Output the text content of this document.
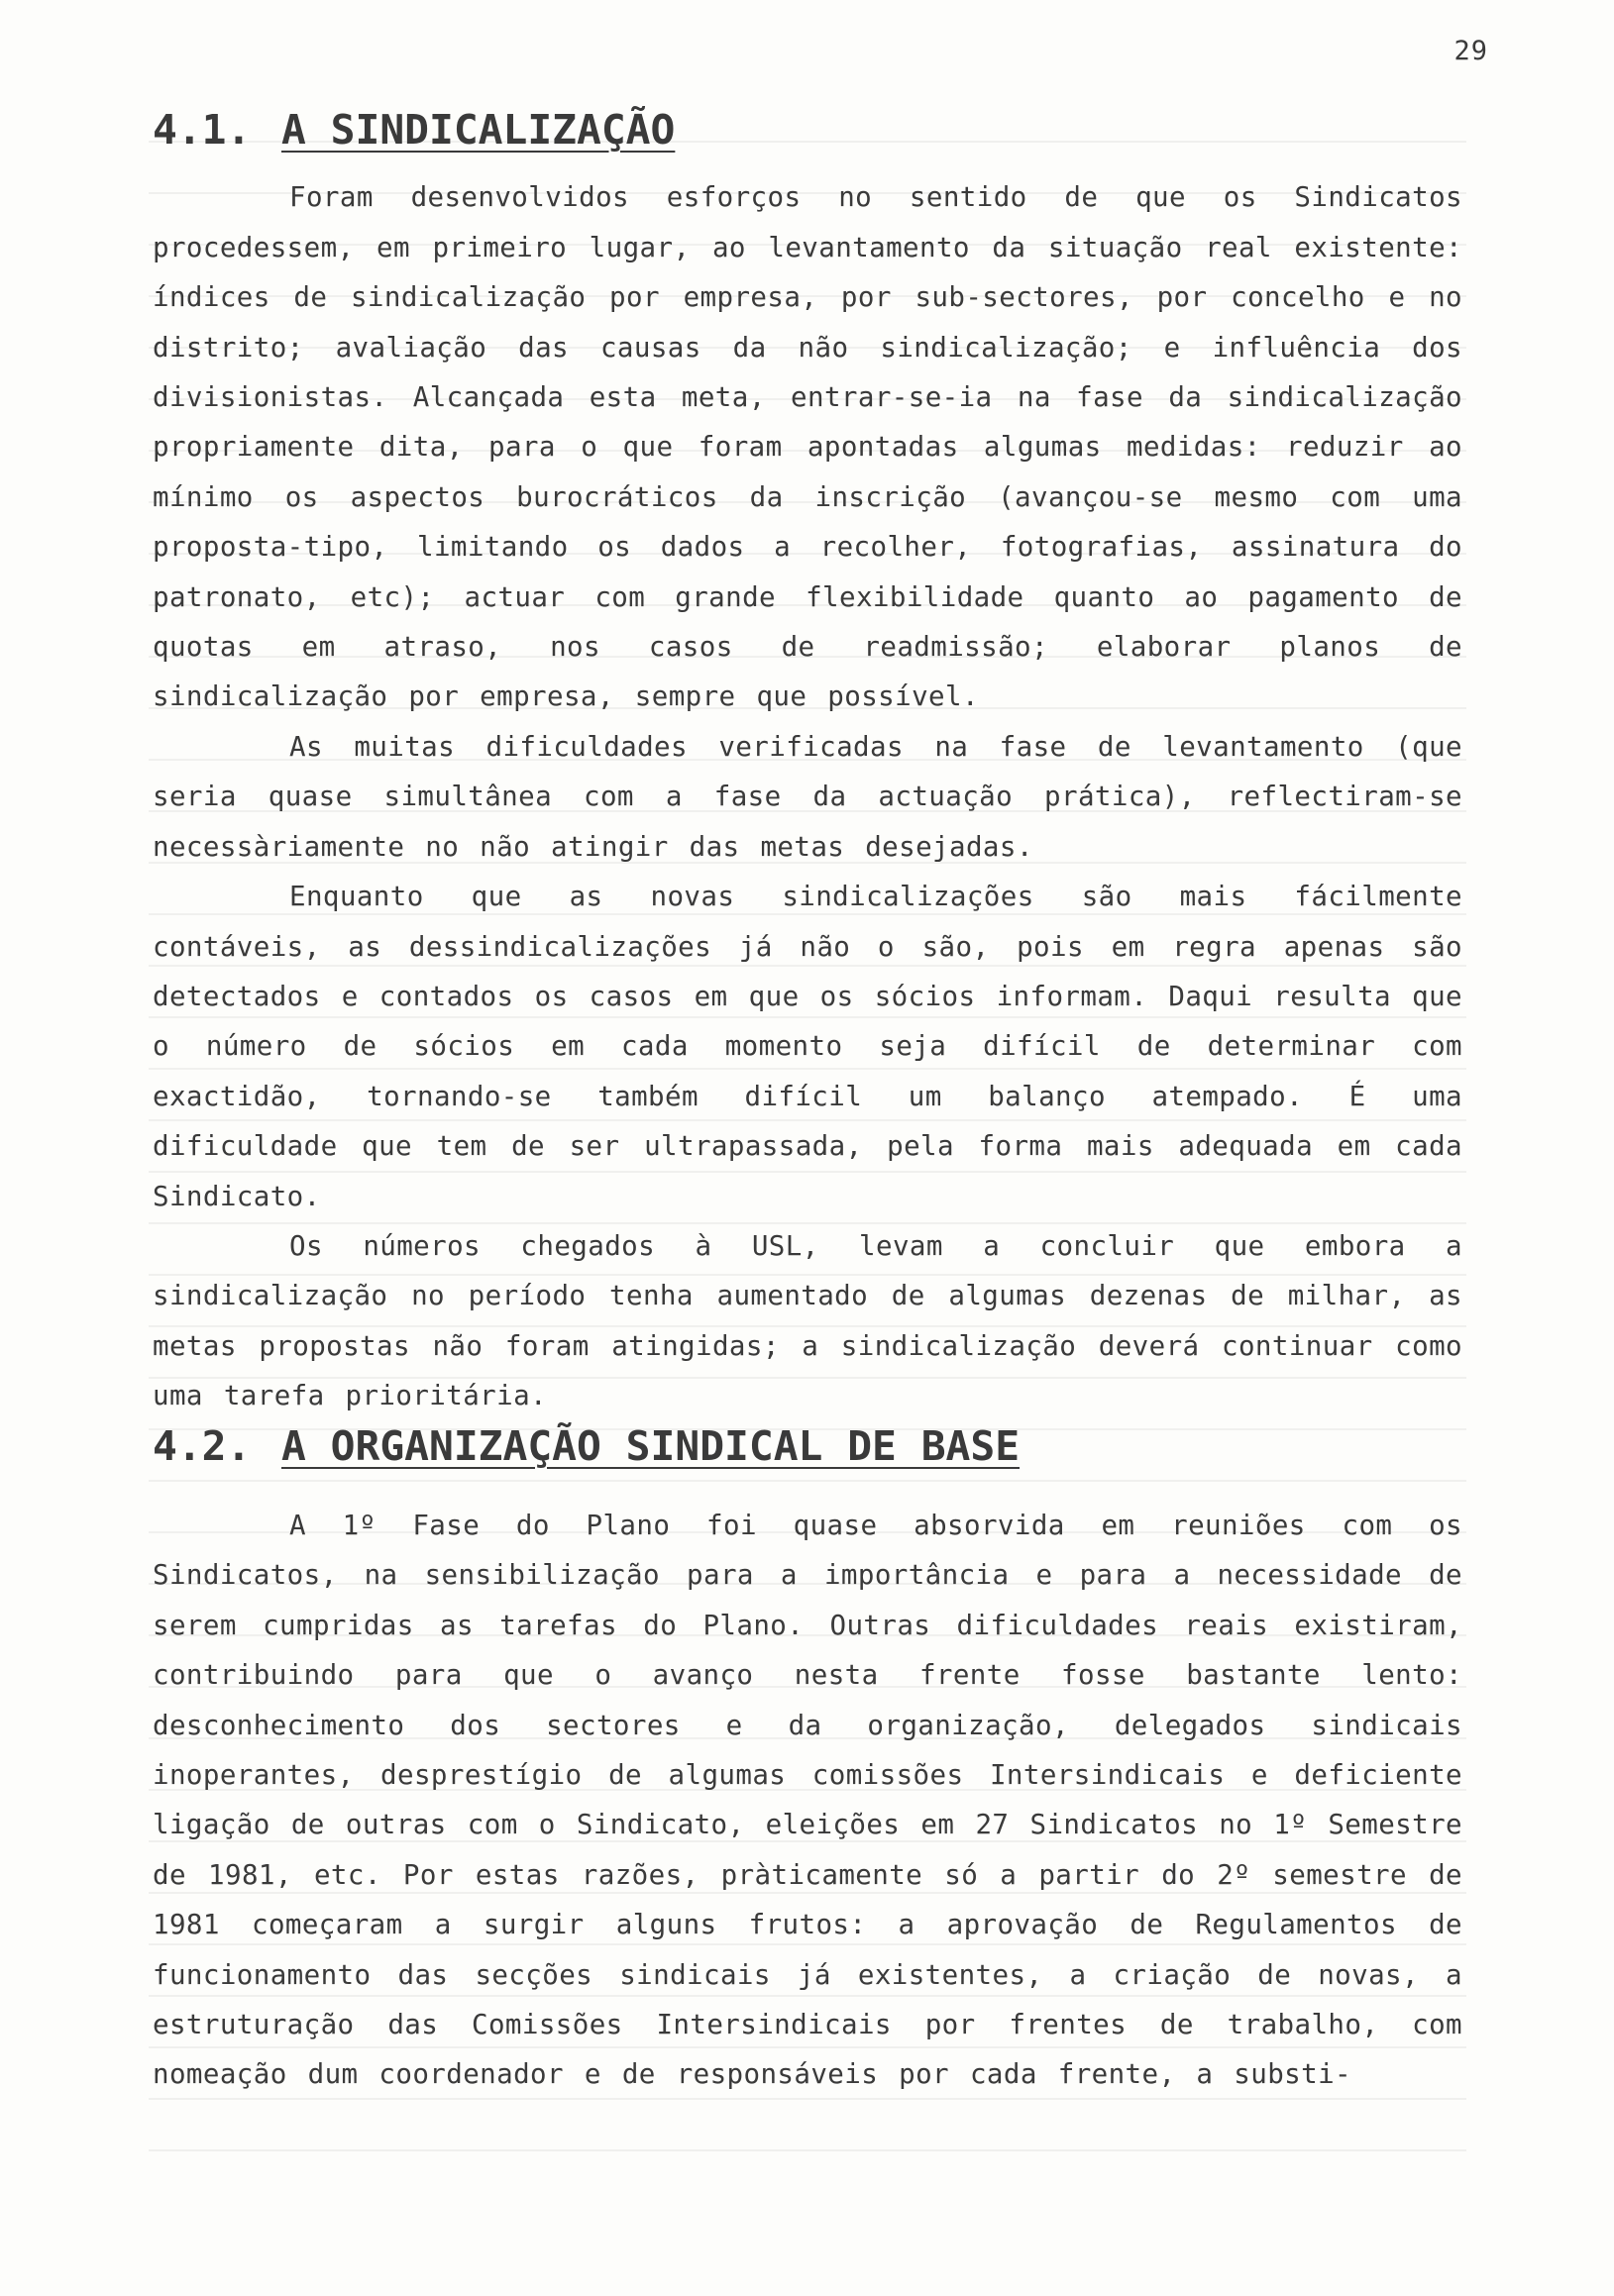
29
4.1. A SINDICALIZAÇÃO

Foram desenvolvidos esforços no sentido de que os Sindicatos procedessem, em primeiro lugar, ao levantamento da situação real existente: índices de sindicalização por empresa, por sub-sectores, por concelho e no distrito; avaliação das causas da não sindicalização; e influência dos divisionistas. Alcançada esta meta, entrar-se-ia na fase da sindicalização propriamente dita, para o que foram apontadas algumas medidas: reduzir ao mínimo os aspectos burocráticos da inscrição (avançou-se mesmo com uma proposta-tipo, limitando os dados a recolher, fotografias, assinatura do patronato, etc); actuar com grande flexibilidade quanto ao pagamento de quotas em atraso, nos casos de readmissão; elaborar planos de sindicalização por empresa, sempre que possível.

As muitas dificuldades verificadas na fase de levantamento (que seria quase simultânea com a fase da actuação prática), reflectiram-se necessàriamente no não atingir das metas desejadas.

Enquanto que as novas sindicalizações são mais fácilmente contáveis, as dessindicalizações já não o são, pois em regra apenas são detectados e contados os casos em que os sócios informam. Daqui resulta que o número de sócios em cada momento seja difícil de determinar com exactidão, tornando-se também difícil um balanço atempado. É uma dificuldade que tem de ser ultrapassada, pela forma mais adequada em cada Sindicato.

Os números chegados à USL, levam a concluir que embora a sindicalização no período tenha aumentado de algumas dezenas de milhar, as metas propostas não foram atingidas; a sindicalização deverá continuar como uma tarefa prioritária.

4.2. A ORGANIZAÇÃO SINDICAL DE BASE

A 1º Fase do Plano foi quase absorvida em reuniões com os Sindicatos, na sensibilização para a importância e para a necessidade de serem cumpridas as tarefas do Plano. Outras dificuldades reais existiram, contribuindo para que o avanço nesta frente fosse bastante lento: desconhecimento dos sectores e da organização, delegados sindicais inoperantes, desprestígio de algumas comissões Intersindicais e deficiente ligação de outras com o Sindicato, eleições em 27 Sindicatos no 1º Semestre de 1981, etc. Por estas razões, pràticamente só a partir do 2º semestre de 1981 começaram a surgir alguns frutos: a aprovação de Regulamentos de funcionamento das secções sindicais já existentes, a criação de novas, a estruturação das Comissões Intersindicais por frentes de trabalho, com nomeação dum coordenador e de responsáveis por cada frente, a substi-
